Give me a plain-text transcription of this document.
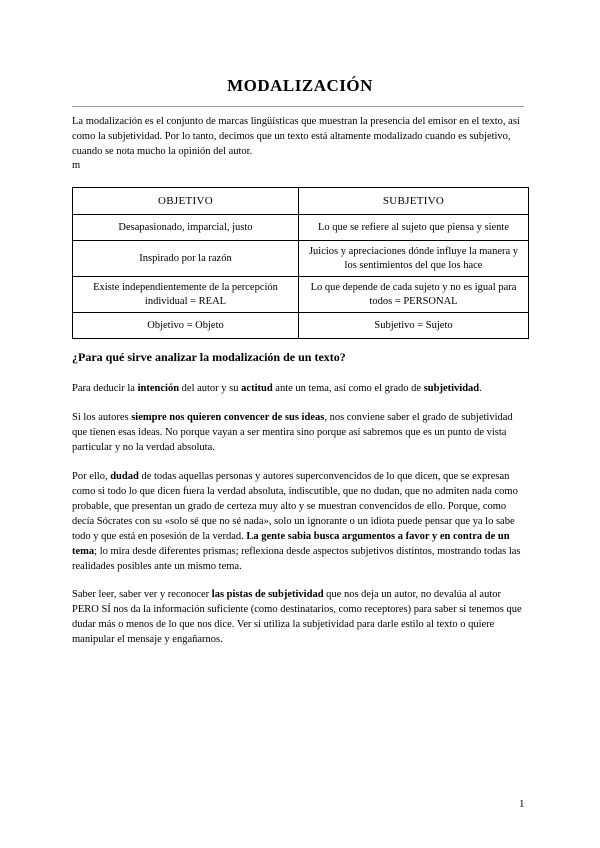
MODALIZACIÓN

La modalización es el conjunto de marcas lingüísticas que muestran la presencia del emisor en el texto, así como la subjetividad. Por lo tanto, decimos que un texto está altamente modalizado cuando es subjetivo, cuando se nota mucho la opinión del autor.

m
OBJETIVO	SUBJETIVO
Desapasionado, imparcial, justo	Lo que se refiere al sujeto que piensa y siente
Inspirado por la razón	Juicios y apreciaciones dónde influye la manera y los sentimientos del que los hace
Existe independientemente de la percepción individual = REAL	Lo que depende de cada sujeto y no es igual para todos = PERSONAL
Objetivo = Objeto	Subjetivo = Sujeto
¿Para qué sirve analizar la modalización de un texto?

Para deducir la intención del autor y su actitud ante un tema, así como el grado de subjetividad.

Si los autores siempre nos quieren convencer de sus ideas, nos conviene saber el grado de subjetividad que tienen esas ideas. No porque vayan a ser mentira sino porque así sabremos que es un punto de vista particular y no la verdad absoluta.

Por ello, dudad de todas aquellas personas y autores superconvencidos de lo que dicen, que se expresan como si todo lo que dicen fuera la verdad absoluta, indiscutible, que no dudan, que no admiten nada como probable, que presentan un grado de certeza muy alto y se muestran convencidos de ello. Porque, como decía Sócrates con su «solo sé que no sé nada», solo un ignorante o un idiota puede pensar que ya lo sabe todo y que está en posesión de la verdad. La gente sabia busca argumentos a favor y en contra de un tema; lo mira desde diferentes prismas; reflexiona desde aspectos subjetivos distintos, mostrando todas las realidades posibles ante un mismo tema.

Saber leer, saber ver y reconocer las pistas de subjetividad que nos deja un autor, no devalúa al autor PERO SÍ nos da la información suficiente (como destinatarios, como receptores) para saber si tenemos que dudar más o menos de lo que nos dice. Ver si utiliza la subjetividad para darle estilo al texto o quiere manipular el mensaje y engañarnos.

1
